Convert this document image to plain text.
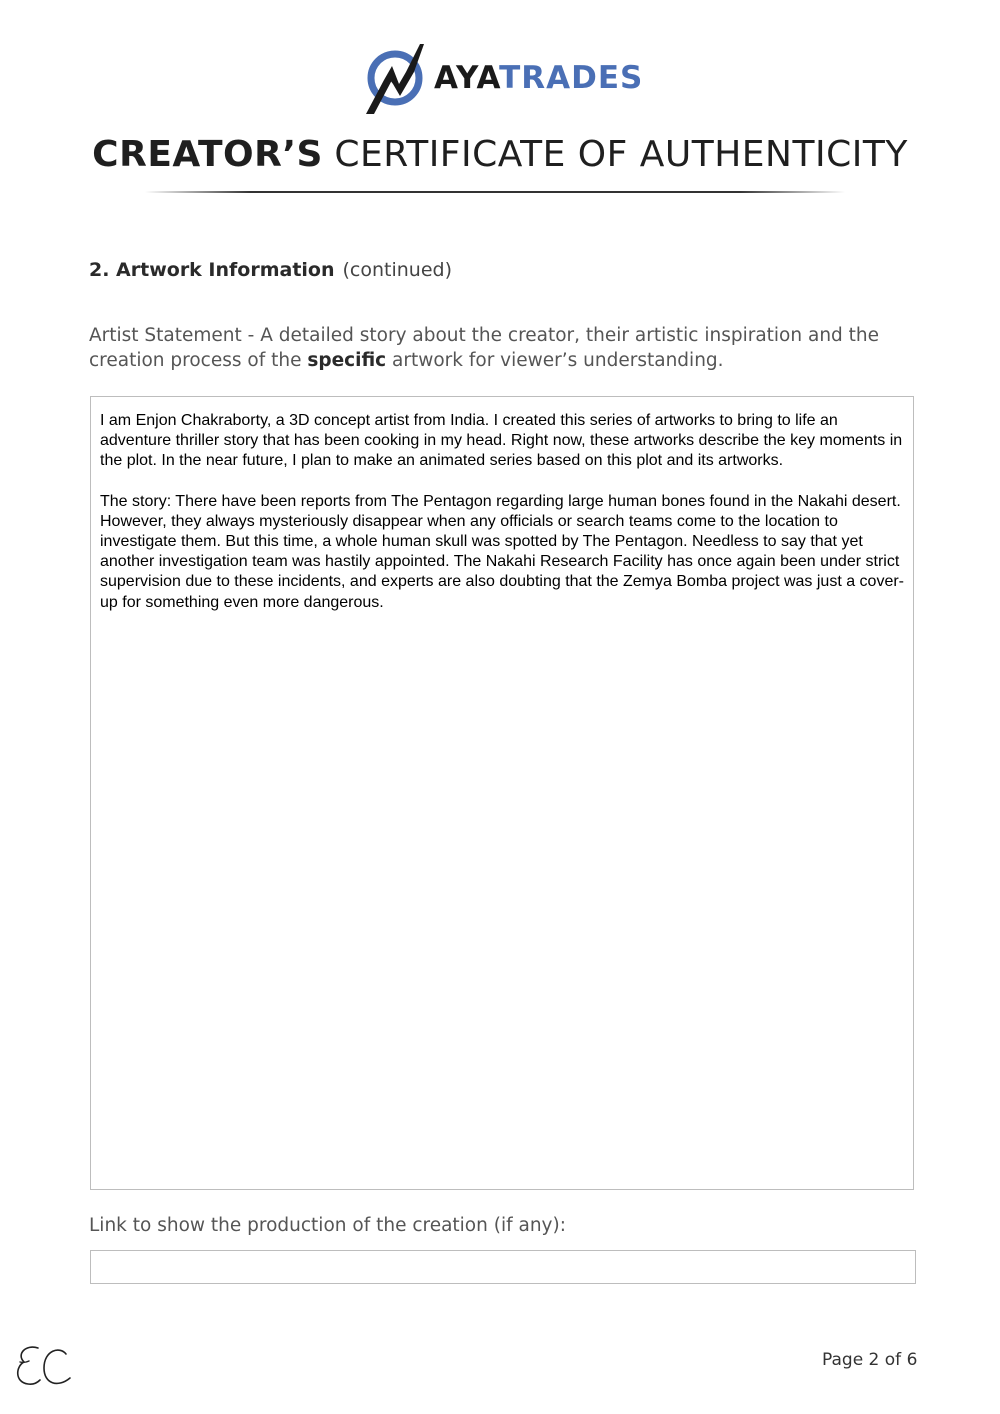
AYATRADES
CREATOR’S CERTIFICATE OF AUTHENTICITY
2. Artwork Information (continued)
Artist Statement - A detailed story about the creator, their artistic inspiration and the creation process of the specific artwork for viewer’s understanding.

I am Enjon Chakraborty, a 3D concept artist from India. I created this series of artworks to bring to life an adventure thriller story that has been cooking in my head. Right now, these artworks describe the key moments in the plot. In the near future, I plan to make an animated series based on this plot and its artworks.

The story: There have been reports from The Pentagon regarding large human bones found in the Nakahi desert. However, they always mysteriously disappear when any officials or search teams come to the location to investigate them. But this time, a whole human skull was spotted by The Pentagon. Needless to say that yet another investigation team was hastily appointed. The Nakahi Research Facility has once again been under strict supervision due to these incidents, and experts are also doubting that the Zemya Bomba project was just a cover-up for something even more dangerous.

Link to show the production of the creation (if any):
Page 2 of 6
